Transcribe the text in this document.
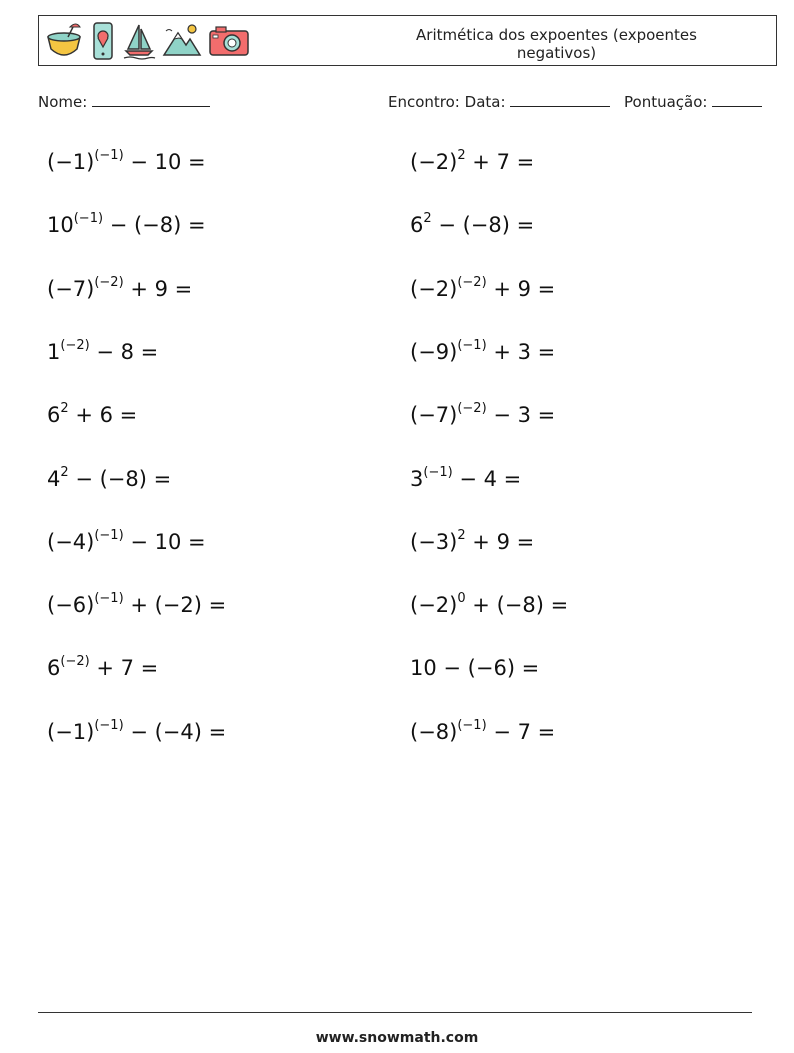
Aritmética dos expoentes (expoentes negativos)
Nome:	Encontro: Data:	Pontuação:
$(-1)^{(-1)} - 10$ =	$(-2)^2 + 7$ =
$10^{(-1)} - (-8)$ =	$6^2 - (-8)$ =
$(-7)^{(-2)} + 9$ =	$(-2)^{(-2)} + 9$ =
$1^{(-2)} - 8$ =	$(-9)^{(-1)} + 3$ =
$6^2 + 6$ =	$(-7)^{(-2)} - 3$ =
$4^2 - (-8)$ =	$3^{(-1)} - 4$ =
$(-4)^{(-1)} - 10$ =	$(-3)^2 + 9$ =
$(-6)^{(-1)} + (-2)$ =	$(-2)^0 + (-8)$ =
$6^{(-2)} + 7$ =	10 − (−6) =
$(-1)^{(-1)} - (-4)$ =	$(-8)^{(-1)} - 7$ =
www.snowmath.com
